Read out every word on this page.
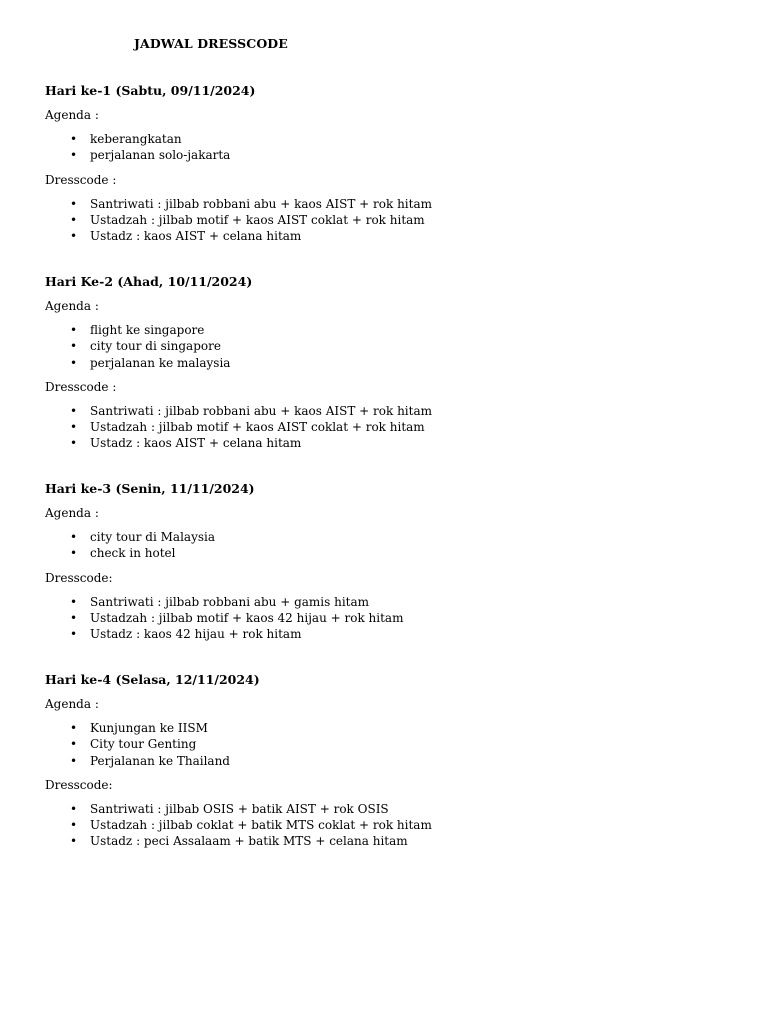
JADWAL DRESSCODE
Hari ke-1 (Sabtu, 09/11/2024)
Agenda :
• keberangkatan
• perjalanan solo-jakarta
Dresscode :
• Santriwati : jilbab robbani abu + kaos AIST + rok hitam
• Ustadzah : jilbab motif + kaos AIST coklat + rok hitam
• Ustadz : kaos AIST + celana hitam
Hari Ke-2 (Ahad, 10/11/2024)
Agenda :
• flight ke singapore
• city tour di singapore
• perjalanan ke malaysia
Dresscode :
• Santriwati : jilbab robbani abu + kaos AIST + rok hitam
• Ustadzah : jilbab motif + kaos AIST coklat + rok hitam
• Ustadz : kaos AIST + celana hitam
Hari ke-3 (Senin, 11/11/2024)
Agenda :
• city tour di Malaysia
• check in hotel
Dresscode:
• Santriwati : jilbab robbani abu + gamis hitam
• Ustadzah : jilbab motif + kaos 42 hijau + rok hitam
• Ustadz : kaos 42 hijau + rok hitam
Hari ke-4 (Selasa, 12/11/2024)
Agenda :
• Kunjungan ke IISM
• City tour Genting
• Perjalanan ke Thailand
Dresscode:
• Santriwati : jilbab OSIS + batik AIST + rok OSIS
• Ustadzah : jilbab coklat + batik MTS coklat + rok hitam
• Ustadz : peci Assalaam + batik MTS + celana hitam
